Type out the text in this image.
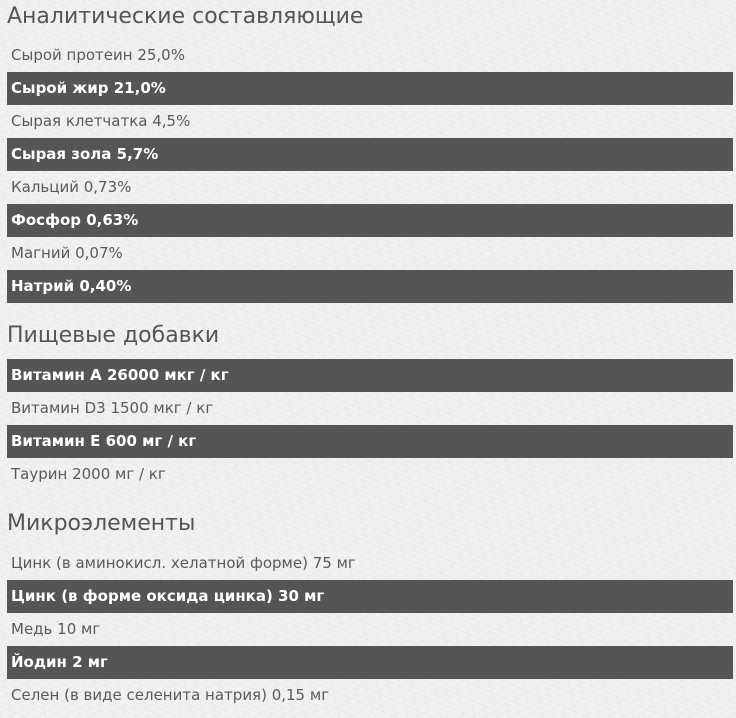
Аналитические составляющие
Сырой протеин 25,0%
Сырой жир 21,0%
Сырая клетчатка 4,5%
Сырая зола 5,7%
Кальций 0,73%
Фосфор 0,63%
Магний 0,07%
Натрий 0,40%
Пищевые добавки
Витамин А 26000 мкг / кг
Витамин D3 1500 мкг / кг
Витамин Е 600 мг / кг
Таурин 2000 мг / кг
Микроэлементы
Цинк (в аминокисл. хелатной форме) 75 мг
Цинк (в форме оксида цинка) 30 мг
Медь 10 мг
Йодин 2 мг
Селен (в виде селенита натрия) 0,15 мг
